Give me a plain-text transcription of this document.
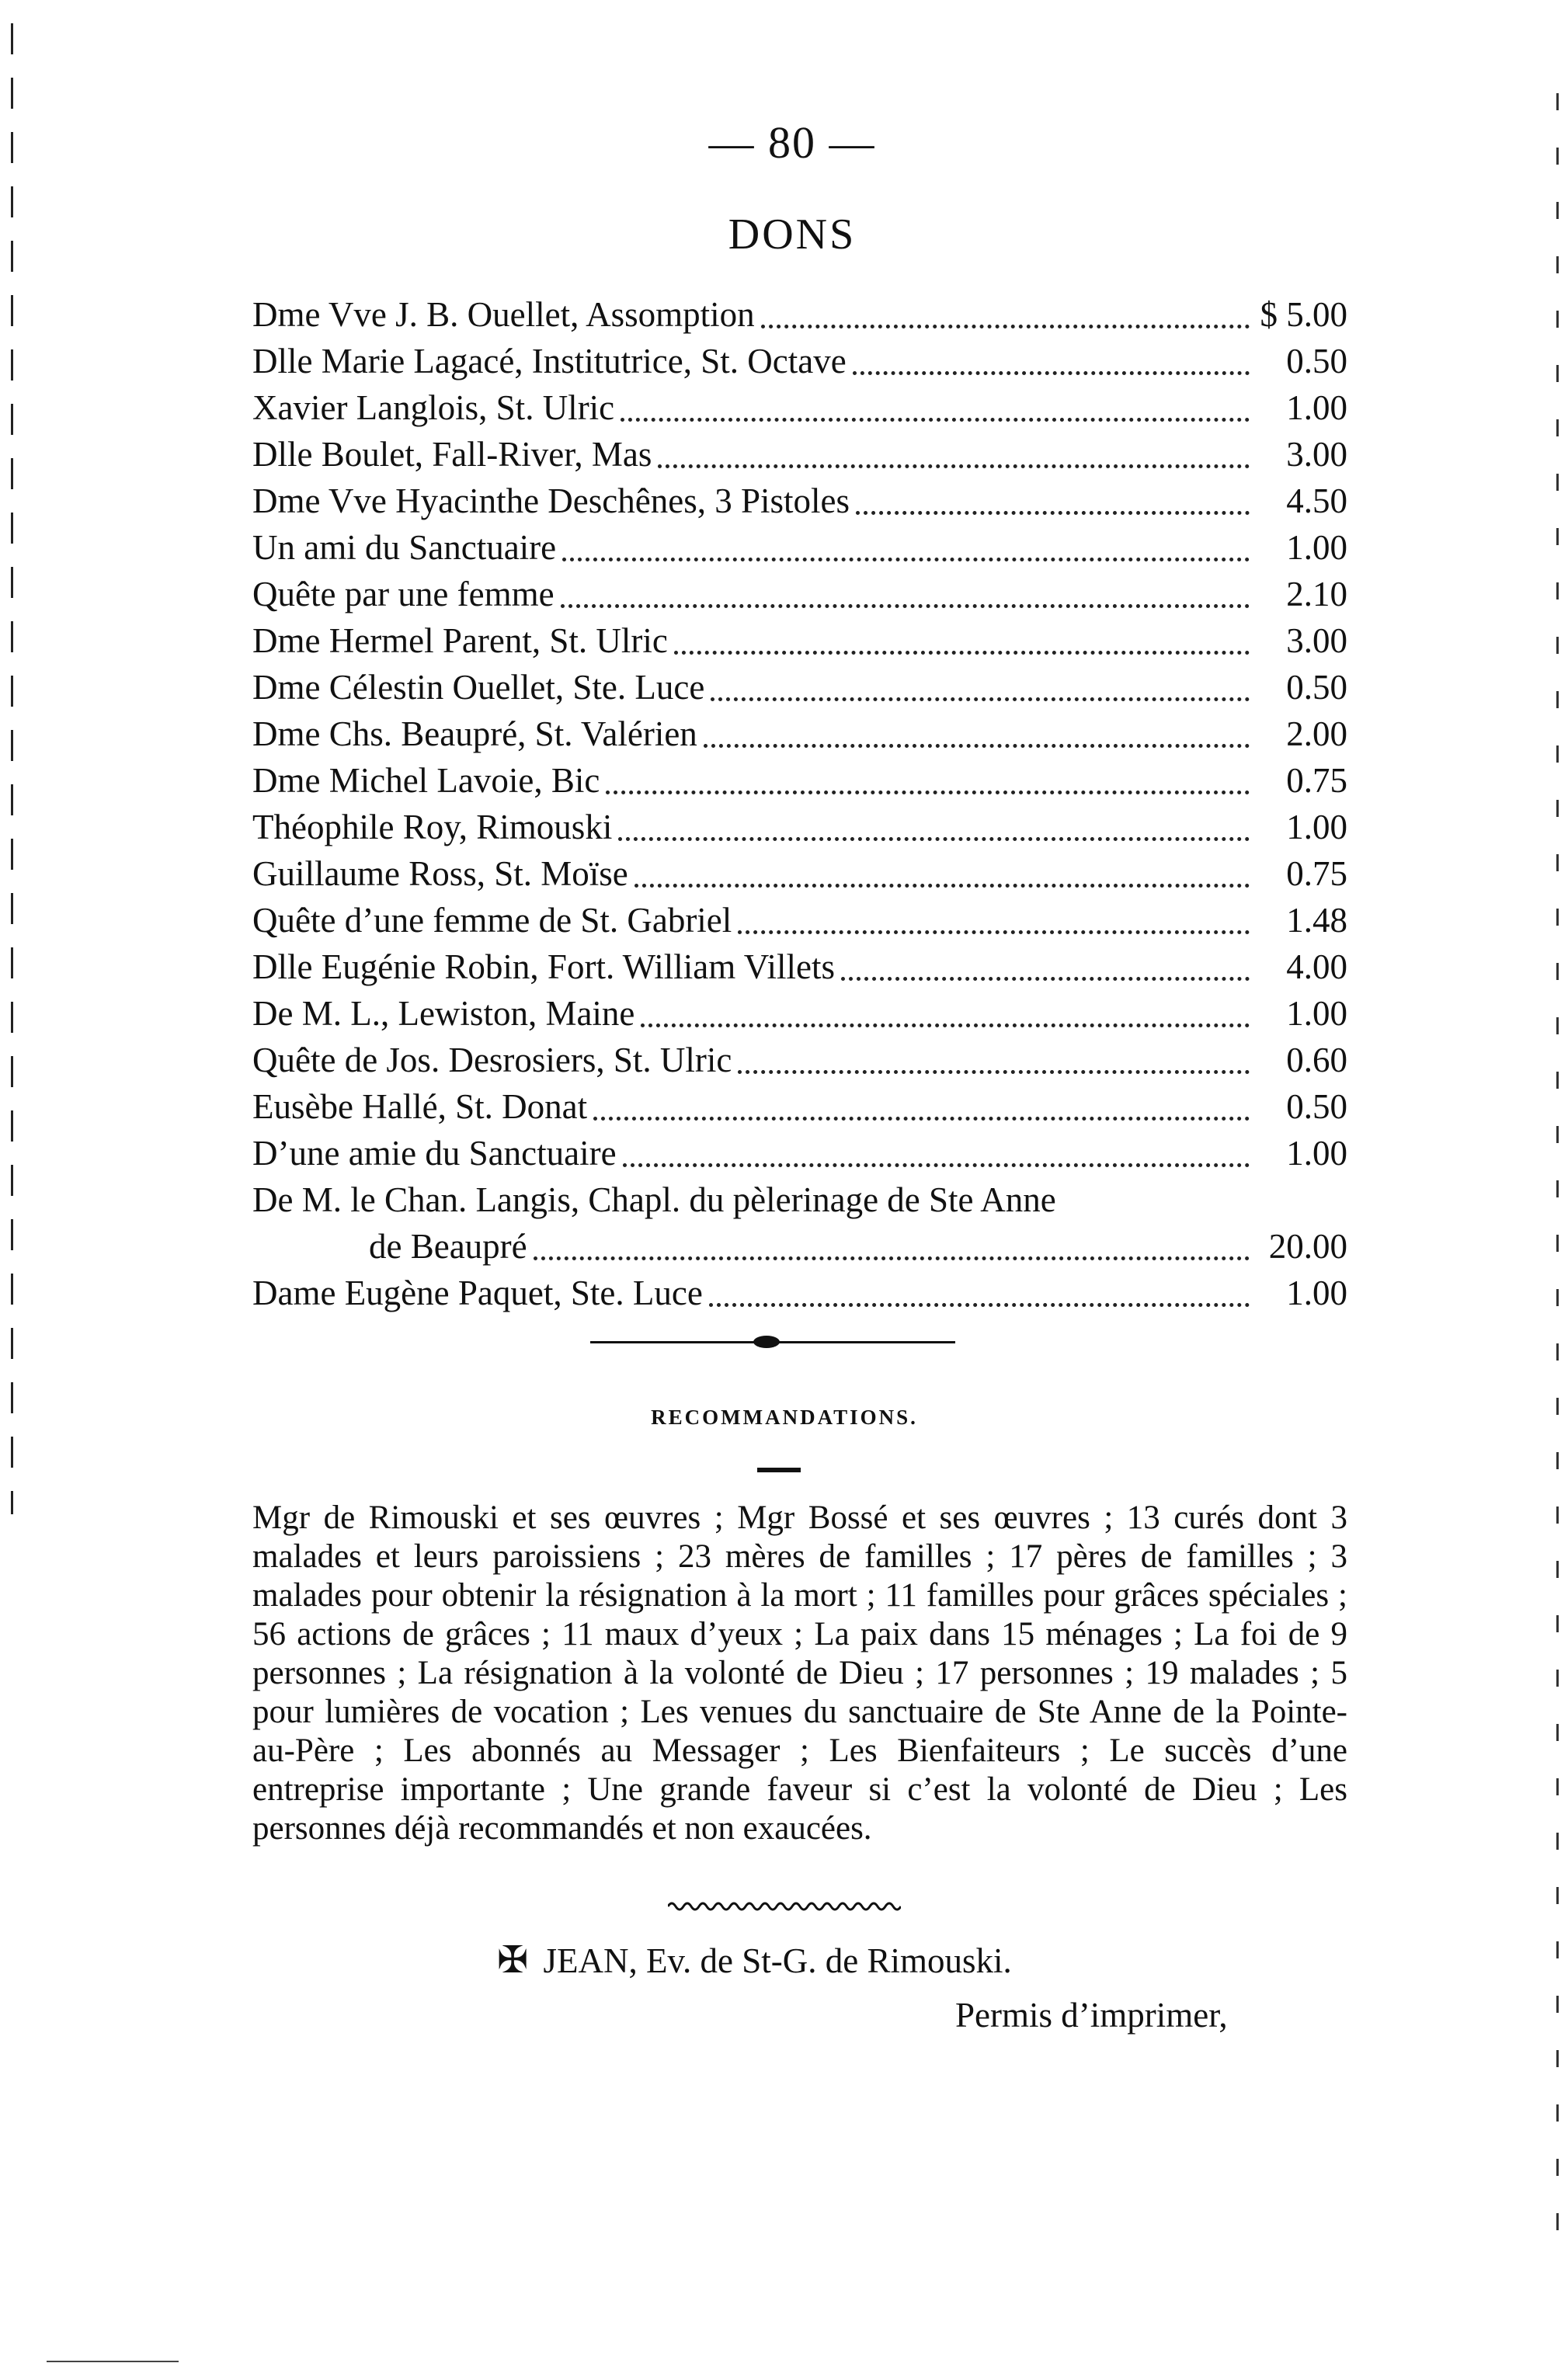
— 80 —
DONS
Dme Vve J. B. Ouellet, Assomption	$ 5.00
Dlle Marie Lagacé, Institutrice, St. Octave	0.50
Xavier Langlois, St. Ulric	1.00
Dlle Boulet, Fall-River, Mas	3.00
Dme Vve Hyacinthe Deschênes, 3 Pistoles	4.50
Un ami du Sanctuaire	1.00
Quête par une femme	2.10
Dme Hermel Parent, St. Ulric	3.00
Dme Célestin Ouellet, Ste. Luce	0.50
Dme Chs. Beaupré, St. Valérien	2.00
Dme Michel Lavoie, Bic	0.75
Théophile Roy, Rimouski	1.00
Guillaume Ross, St. Moïse	0.75
Quête d’une femme de St. Gabriel	1.48
Dlle Eugénie Robin, Fort. William Villets	4.00
De M. L., Lewiston, Maine	1.00
Quête de Jos. Desrosiers, St. Ulric	0.60
Eusèbe Hallé, St. Donat	0.50
D’une amie du Sanctuaire	1.00
De M. le Chan. Langis, Chapl. du pèlerinage de Ste Anne
de Beaupré	20.00
Dame Eugène Paquet, Ste. Luce	1.00
RECOMMANDATIONS.

Mgr de Rimouski et ses œuvres ; Mgr Bossé et ses œuvres ; 13 curés dont 3 malades et leurs paroissiens ; 23 mères de familles ; 17 pères de familles ; 3 malades pour obtenir la résignation à la mort ; 11 familles pour grâces spéciales ; 56 actions de grâces ; 11 maux d’yeux ; La paix dans 15 ménages ; La foi de 9 personnes ; La résignation à la volonté de Dieu ; 17 personnes ; 19 malades ; 5 pour lumières de vocation ; Les venues du sanctuaire de Ste Anne de la Pointe-au-Père ; Les abonnés au Messager ; Les Bienfaiteurs ; Le succès d’une entreprise importante ; Une grande faveur si c’est la volonté de Dieu ; Les personnes déjà recommandés et non exaucées.

✠ JEAN, Ev. de St-G. de Rimouski.
Permis d’imprimer,
